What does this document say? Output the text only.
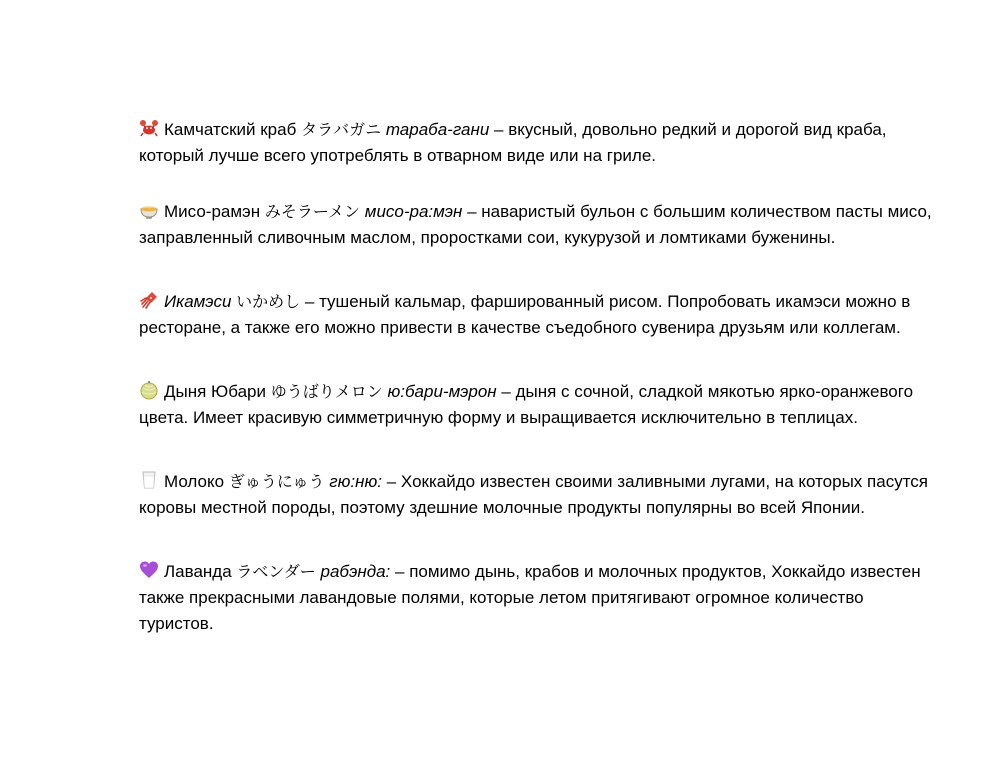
Камчатский краб タラバガニ тараба-гани – вкусный, довольно редкий и дорогой вид краба, который лучше всего употреблять в отварном виде или на гриле.

Мисо-рамэн みそラーメン мисо-ра:мэн – наваристый бульон с большим количеством пасты мисо, заправленный сливочным маслом, проростками сои, кукурузой и ломтиками буженины.

Икамэси いかめし – тушеный кальмар, фаршированный рисом. Попробовать икамэси можно в ресторане, а также его можно привести в качестве съедобного сувенира друзьям или коллегам.

Дыня Юбари ゆうばりメロン ю:бари-мэрон – дыня с сочной, сладкой мякотью ярко-оранжевого цвета. Имеет красивую симметричную форму и выращивается исключительно в теплицах.

Молоко ぎゅうにゅう гю:ню: – Хоккайдо известен своими заливными лугами, на которых пасутся коровы местной породы, поэтому здешние молочные продукты популярны во всей Японии.

Лаванда ラベンダー рабэнда: – помимо дынь, крабов и молочных продуктов, Хоккайдо известен также прекрасными лавандовые полями, которые летом притягивают огромное количество туристов.
